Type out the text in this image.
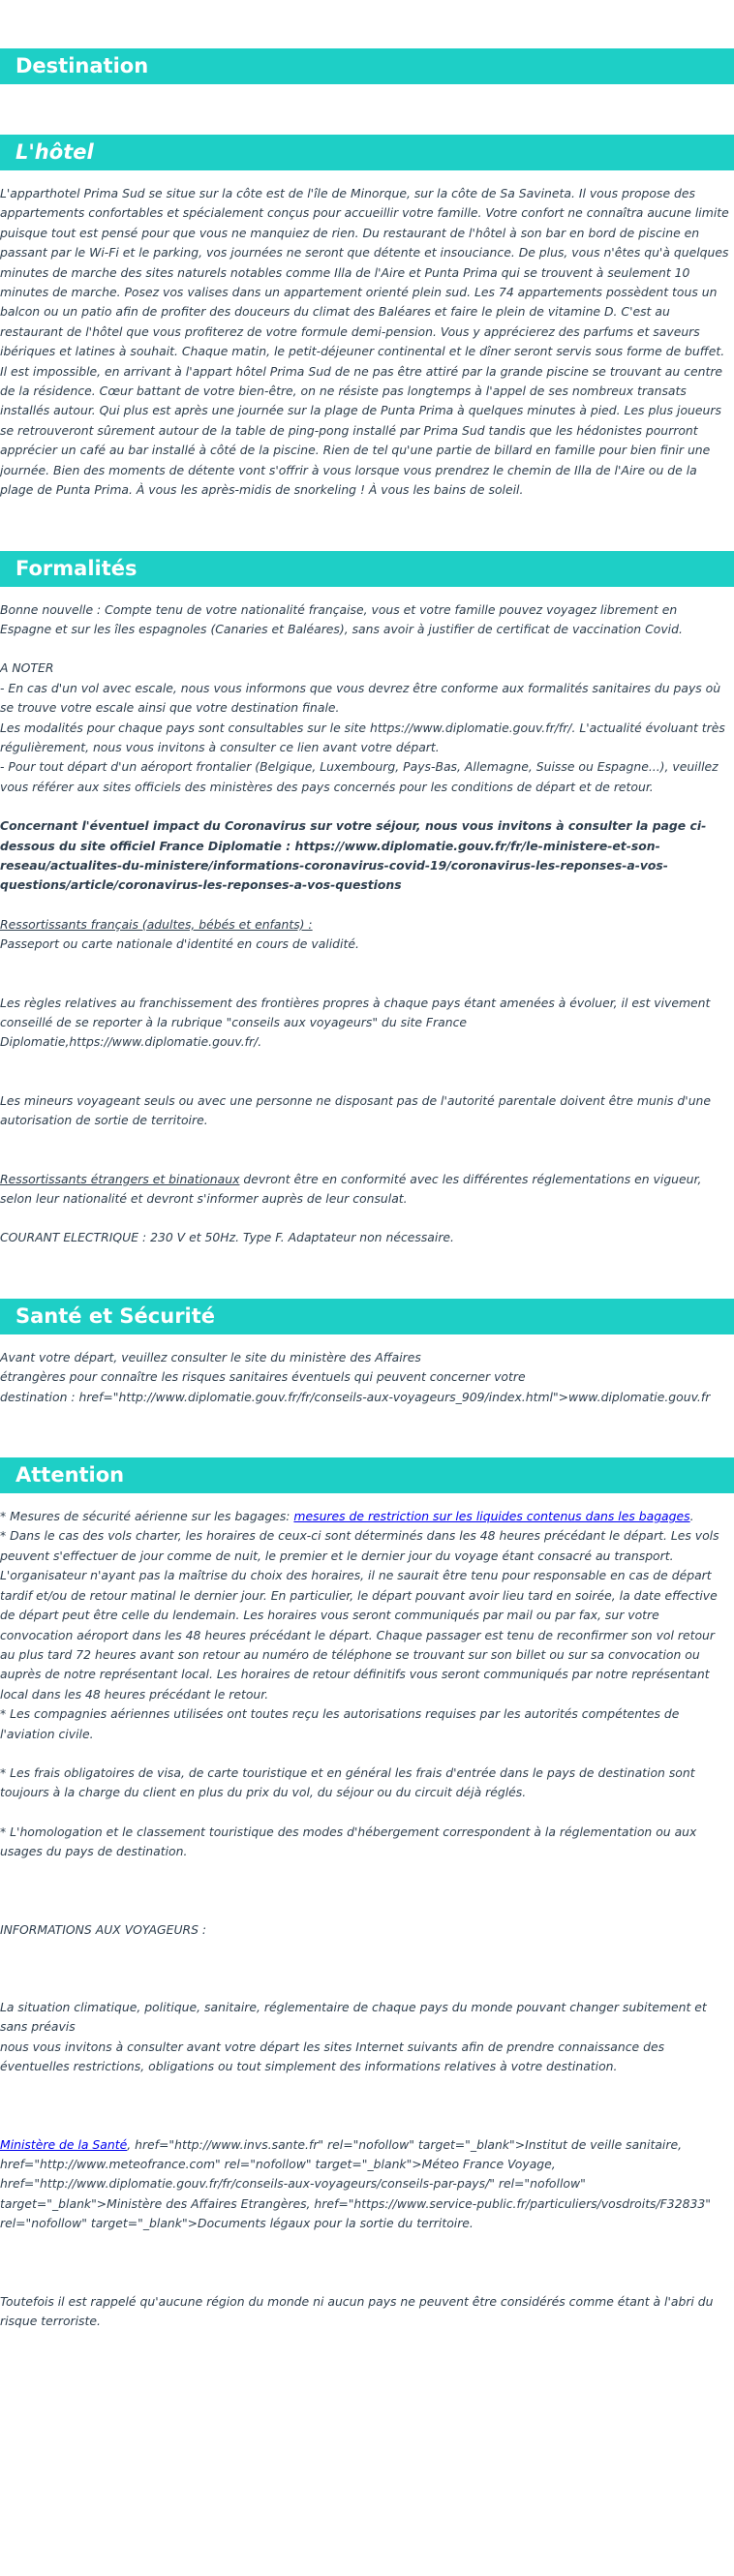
Destination
L'hôtel

L'apparthotel Prima Sud se situe sur la côte est de l'île de Minorque, sur la côte de Sa Savineta. Il vous propose des appartements confortables et spécialement conçus pour accueillir votre famille. Votre confort ne connaîtra aucune limite puisque tout est pensé pour que vous ne manquiez de rien. Du restaurant de l'hôtel à son bar en bord de piscine en passant par le Wi-Fi et le parking, vos journées ne seront que détente et insouciance. De plus, vous n'êtes qu'à quelques minutes de marche des sites naturels notables comme Illa de l'Aire et Punta Prima qui se trouvent à seulement 10 minutes de marche. Posez vos valises dans un appartement orienté plein sud. Les 74 appartements possèdent tous un balcon ou un patio afin de profiter des douceurs du climat des Baléares et faire le plein de vitamine D. C'est au restaurant de l'hôtel que vous profiterez de votre formule demi-pension. Vous y apprécierez des parfums et saveurs ibériques et latines à souhait. Chaque matin, le petit-déjeuner continental et le dîner seront servis sous forme de buffet. Il est impossible, en arrivant à l'appart hôtel Prima Sud de ne pas être attiré par la grande piscine se trouvant au centre de la résidence. Cœur battant de votre bien-être, on ne résiste pas longtemps à l'appel de ses nombreux transats installés autour. Qui plus est après une journée sur la plage de Punta Prima à quelques minutes à pied. Les plus joueurs se retrouveront sûrement autour de la table de ping-pong installé par Prima Sud tandis que les hédonistes pourront apprécier un café au bar installé à côté de la piscine. Rien de tel qu'une partie de billard en famille pour bien finir une journée. Bien des moments de détente vont s'offrir à vous lorsque vous prendrez le chemin de Illa de l'Aire ou de la plage de Punta Prima. À vous les après-midis de snorkeling ! À vous les bains de soleil.

Formalités

Bonne nouvelle : Compte tenu de votre nationalité française, vous et votre famille pouvez voyagez librement en Espagne et sur les îles espagnoles (Canaries et Baléares), sans avoir à justifier de certificat de vaccination Covid.

A NOTER

- En cas d'un vol avec escale, nous vous informons que vous devrez être conforme aux formalités sanitaires du pays où se trouve votre escale ainsi que votre destination finale.

Les modalités pour chaque pays sont consultables sur le site https://www.diplomatie.gouv.fr/fr/. L'actualité évoluant très régulièrement, nous vous invitons à consulter ce lien avant votre départ.

- Pour tout départ d'un aéroport frontalier (Belgique, Luxembourg, Pays-Bas, Allemagne, Suisse ou Espagne...), veuillez vous référer aux sites officiels des ministères des pays concernés pour les conditions de départ et de retour.

Concernant l'éventuel impact du Coronavirus sur votre séjour, nous vous invitons à consulter la page ci-dessous du site officiel France Diplomatie : https://www.diplomatie.gouv.fr/fr/le-ministere-et-son-reseau/actualites-du-ministere/informations-coronavirus-covid-19/coronavirus-les-reponses-a-vos-questions/article/coronavirus-les-reponses-a-vos-questions

Ressortissants français (adultes, bébés et enfants) :

Passeport ou carte nationale d'identité en cours de validité.

Les règles relatives au franchissement des frontières propres à chaque pays étant amenées à évoluer, il est vivement conseillé de se reporter à la rubrique "conseils aux voyageurs" du site France Diplomatie,https://www.diplomatie.gouv.fr/.

Les mineurs voyageant seuls ou avec une personne ne disposant pas de l'autorité parentale doivent être munis d'une autorisation de sortie de territoire.

Ressortissants étrangers et binationaux devront être en conformité avec les différentes réglementations en vigueur, selon leur nationalité et devront s'informer auprès de leur consulat.

COURANT ELECTRIQUE : 230 V et 50Hz. Type F. Adaptateur non nécessaire.

Santé et Sécurité

Avant votre départ, veuillez consulter le site du ministère des Affaires

étrangères pour connaître les risques sanitaires éventuels qui peuvent concerner votre

destination : href="http://www.diplomatie.gouv.fr/fr/conseils-aux-voyageurs_909/index.html">www.diplomatie.gouv.fr

Attention

* Mesures de sécurité aérienne sur les bagages: mesures de restriction sur les liquides contenus dans les bagages.

* Dans le cas des vols charter, les horaires de ceux-ci sont déterminés dans les 48 heures précédant le départ. Les vols peuvent s'effectuer de jour comme de nuit, le premier et le dernier jour du voyage étant consacré au transport. L'organisateur n'ayant pas la maîtrise du choix des horaires, il ne saurait être tenu pour responsable en cas de départ tardif et/ou de retour matinal le dernier jour. En particulier, le départ pouvant avoir lieu tard en soirée, la date effective de départ peut être celle du lendemain. Les horaires vous seront communiqués par mail ou par fax, sur votre convocation aéroport dans les 48 heures précédant le départ. Chaque passager est tenu de reconfirmer son vol retour au plus tard 72 heures avant son retour au numéro de téléphone se trouvant sur son billet ou sur sa convocation ou auprès de notre représentant local. Les horaires de retour définitifs vous seront communiqués par notre représentant local dans les 48 heures précédant le retour.

* Les compagnies aériennes utilisées ont toutes reçu les autorisations requises par les autorités compétentes de l'aviation civile.

* Les frais obligatoires de visa, de carte touristique et en général les frais d'entrée dans le pays de destination sont toujours à la charge du client en plus du prix du vol, du séjour ou du circuit déjà réglés.

* L'homologation et le classement touristique des modes d'hébergement correspondent à la réglementation ou aux usages du pays de destination.

INFORMATIONS AUX VOYAGEURS :

La situation climatique, politique, sanitaire, réglementaire de chaque pays du monde pouvant changer subitement et sans préavis

nous vous invitons à consulter avant votre départ les sites Internet suivants afin de prendre connaissance des éventuelles restrictions, obligations ou tout simplement des informations relatives à votre destination.

Ministère de la Santé, href="http://www.invs.sante.fr" rel="nofollow" target="_blank">Institut de veille sanitaire, href="http://www.meteofrance.com" rel="nofollow" target="_blank">Méteo France Voyage, href="http://www.diplomatie.gouv.fr/fr/conseils-aux-voyageurs/conseils-par-pays/" rel="nofollow" target="_blank">Ministère des Affaires Etrangères, href="https://www.service-public.fr/particuliers/vosdroits/F32833" rel="nofollow" target="_blank">Documents légaux pour la sortie du territoire.

Toutefois il est rappelé qu'aucune région du monde ni aucun pays ne peuvent être considérés comme étant à l'abri du risque terroriste.
